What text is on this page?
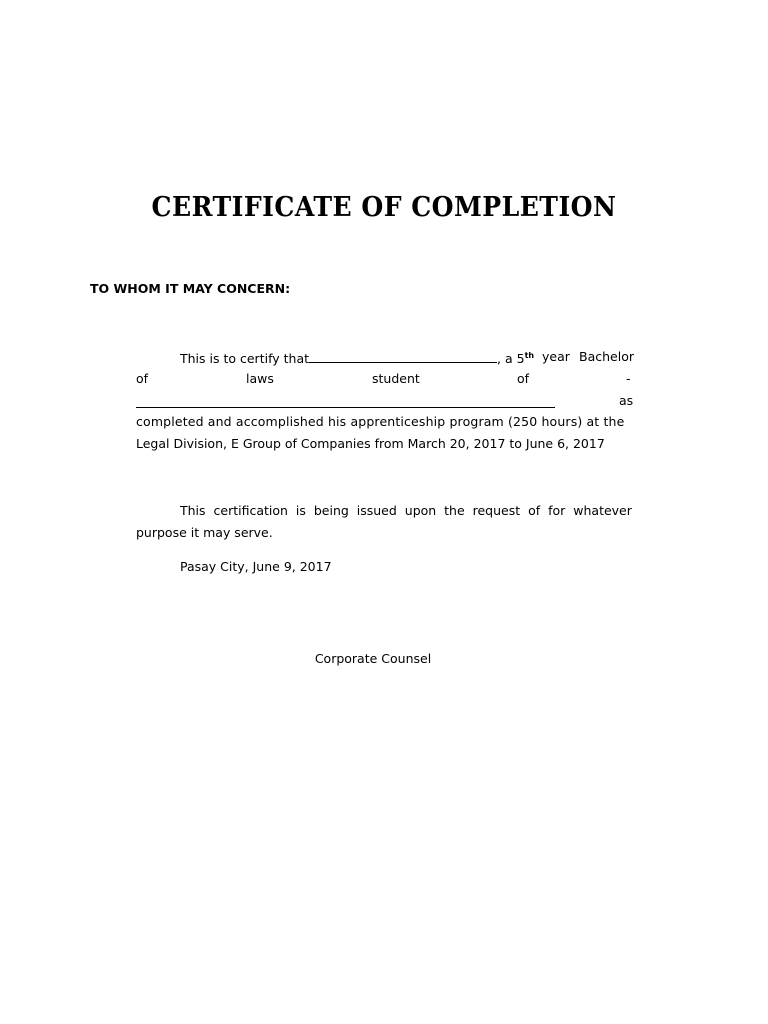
CERTIFICATE OF COMPLETION
TO WHOM IT MAY CONCERN:
This is to certify that	, a 5th year Bachelor
of	laws	student	of	-
as
completed and accomplished his apprenticeship program (250 hours) at the
Legal Division, E Group of Companies from March 20, 2017 to June 6, 2017
This certification is being issued upon the request of for whatever
purpose it may serve.
Pasay City, June 9, 2017
Corporate Counsel
